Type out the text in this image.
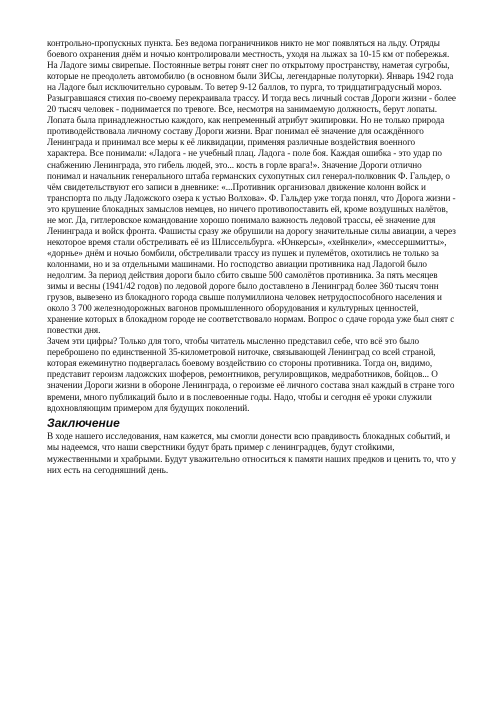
контрольно-пропускных пункта. Без ведома пограничников никто не мог появляться на льду. Отряды боевого охранения днём и ночью контролировали местность, уходя на лыжах за 10-15 км от побережья. На Ладоге зимы свирепые. Постоянные ветры гонят снег по открытому пространству, наметая сугробы, которые не преодолеть автомобилю (в основном были ЗИСы, легендарные полуторки). Январь 1942 года на Ладоге был исключительно суровым. То ветер 9-12 баллов, то пурга, то тридцатиградусный мороз. Разыгравшаяся стихия по-своему перекраивала трассу. И тогда весь личный состав Дороги жизни - более 20 тысяч человек - поднимается по тревоге. Все, несмотря на занимаемую должность, берут лопаты. Лопата была принадлежностью каждого, как непременный атрибут экипировки. Но не только природа противодействовала личному составу Дороги жизни. Враг понимал её значение для осаждённого Ленинграда и принимал все меры к её ликвидации, применяя различные воздействия военного характера. Все понимали: «Ладога - не учебный плац. Ладога - поле боя. Каждая ошибка - это удар по снабжению Ленинграда, это гибель людей, это... кость в горле врага!». Значение Дороги отлично понимал и начальник генерального штаба германских сухопутных сил генерал-полковник Ф. Гальдер, о чём свидетельствуют его записи в дневнике: «...Противник организовал движение колонн войск и транспорта по льду Ладожского озера к устью Волхова». Ф. Гальдер уже тогда понял, что Дорога жизни - это крушение блокадных замыслов немцев, но ничего противопоставить ей, кроме воздушных налётов, не мог. Да, гитлеровское командование хорошо понимало важность ледовой трассы, её значение для Ленинграда и войск фронта. Фашисты сразу же обрушили на дорогу значительные силы авиации, а через некоторое время стали обстреливать её из Шлиссельбурга. «Юнкерсы», «хейнкели», «мессершмитты», «дорнье» днём и ночью бомбили, обстреливали трассу из пушек и пулемётов, охотились не только за колоннами, но и за отдельными машинами. Но господство авиации противника над Ладогой было недолгим. За период действия дороги было сбито свыше 500 самолётов противника. За пять месяцев зимы и весны (1941/42 годов) по ледовой дороге было доставлено в Ленинград более 360 тысяч тонн грузов, вывезено из блокадного города свыше полумиллиона человек нетрудоспособного населения и около 3 700 железнодорожных вагонов промышленного оборудования и культурных ценностей, хранение которых в блокадном городе не соответствовало нормам. Вопрос о сдаче города уже был снят с повестки дня.

Зачем эти цифры? Только для того, чтобы читатель мысленно представил себе, что всё это было переброшено по единственной 35-километровой ниточке, связывающей Ленинград со всей страной, которая ежеминутно подвергалась боевому воздействию со стороны противника. Тогда он, видимо, представит героизм ладожских шоферов, ремонтников, регулировщиков, медработников, бойцов... О значении Дороги жизни в обороне Ленинграда, о героизме её личного состава знал каждый в стране того времени, много публикаций было и в послевоенные годы. Надо, чтобы и сегодня её уроки служили вдохновляющим примером для будущих поколений.

Заключение

В ходе нашего исследования, нам кажется, мы смогли донести всю правдивость блокадных событий, и мы надеемся, что наши сверстники будут брать пример с ленинградцев, будут стойкими, мужественными и храбрыми. Будут уважительно относиться к памяти наших предков и ценить то, что у них есть на сегодняшний день.
